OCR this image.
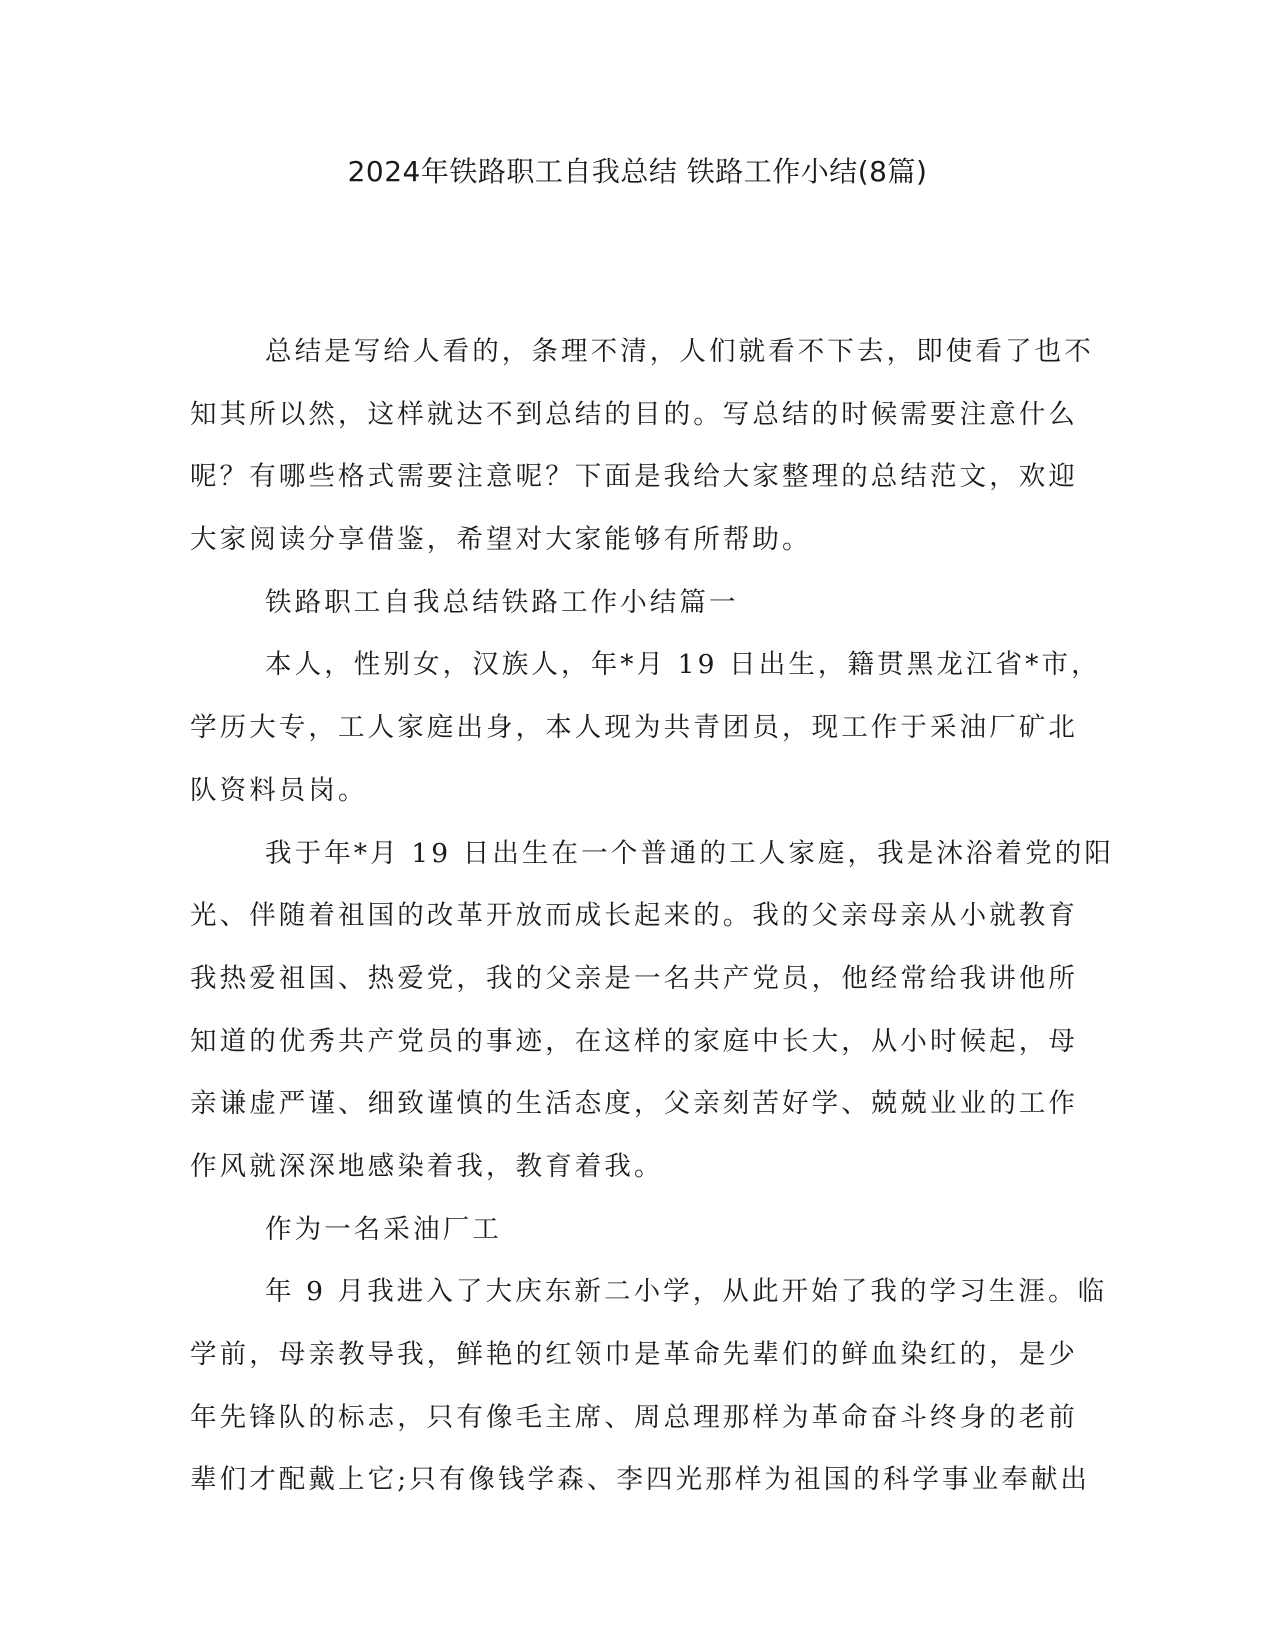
2024年铁路职工自我总结 铁路工作小结(8篇)
总结是写给人看的，条理不清，人们就看不下去，即使看了也不
知其所以然，这样就达不到总结的目的。写总结的时候需要注意什么
呢？有哪些格式需要注意呢？下面是我给大家整理的总结范文，欢迎
大家阅读分享借鉴，希望对大家能够有所帮助。
铁路职工自我总结铁路工作小结篇一
本人，性别女，汉族人，年*月 19 日出生，籍贯黑龙江省*市，
学历大专，工人家庭出身，本人现为共青团员，现工作于采油厂矿北
队资料员岗。
我于年*月 19 日出生在一个普通的工人家庭，我是沐浴着党的阳
光、伴随着祖国的改革开放而成长起来的。我的父亲母亲从小就教育
我热爱祖国、热爱党，我的父亲是一名共产党员，他经常给我讲他所
知道的优秀共产党员的事迹，在这样的家庭中长大，从小时候起，母
亲谦虚严谨、细致谨慎的生活态度，父亲刻苦好学、兢兢业业的工作
作风就深深地感染着我，教育着我。
作为一名采油厂工
年 9 月我进入了大庆东新二小学，从此开始了我的学习生涯。临
学前，母亲教导我，鲜艳的红领巾是革命先辈们的鲜血染红的，是少
年先锋队的标志，只有像毛主席、周总理那样为革命奋斗终身的老前
辈们才配戴上它;只有像钱学森、李四光那样为祖国的科学事业奉献出
